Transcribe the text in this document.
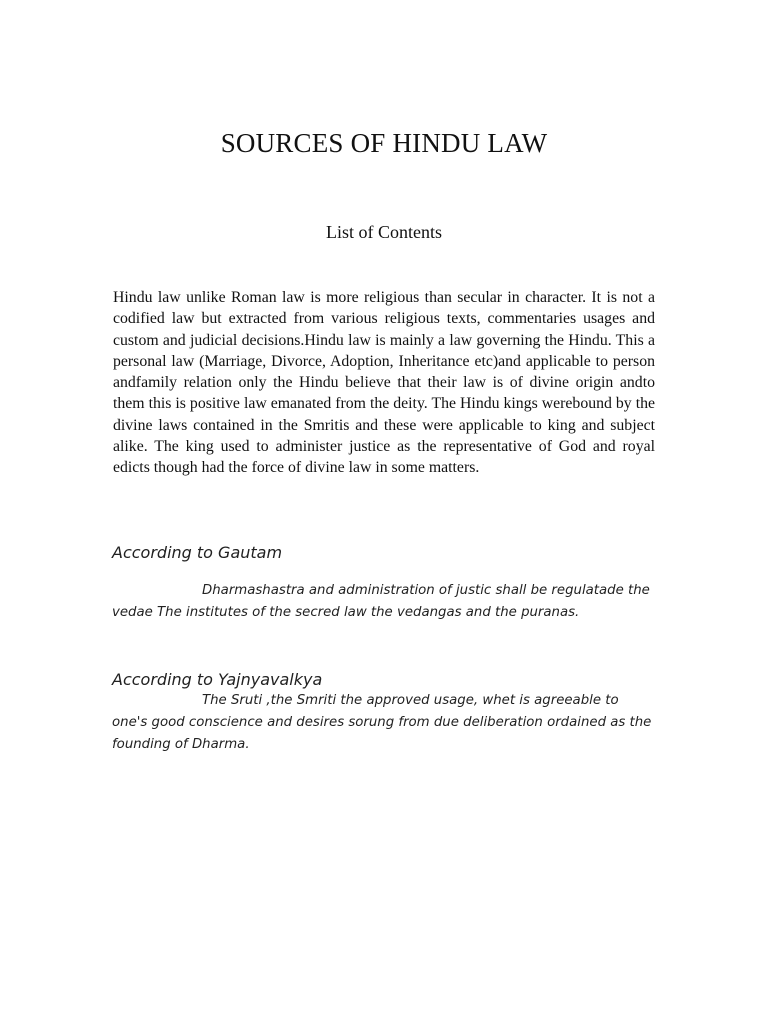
SOURCES OF HINDU LAW
List of Contents

Hindu law unlike Roman law is more religious than secular in character. It is not a codified law but extracted from various religious texts, commentaries usages and custom and judicial decisions.Hindu law is mainly a law governing the Hindu. This a personal law (Marriage, Divorce, Adoption, Inheritance etc)and applicable to person andfamily relation only the Hindu believe that their law is of divine origin andto them this is positive law emanated from the deity. The Hindu kings werebound by the divine laws contained in the Smritis and these were applicable to king and subject alike. The king used to administer justice as the representative of God and royal edicts though had the force of divine law in some matters.

According to Gautam

Dharmashastra and administration of justic shall be regulatade the vedae The institutes of the secred law the vedangas and the puranas.

According to Yajnyavalkya

The Sruti ,the Smriti the approved usage, whet is agreeable to one's good conscience and desires sorung from due deliberation ordained as the founding of Dharma.
